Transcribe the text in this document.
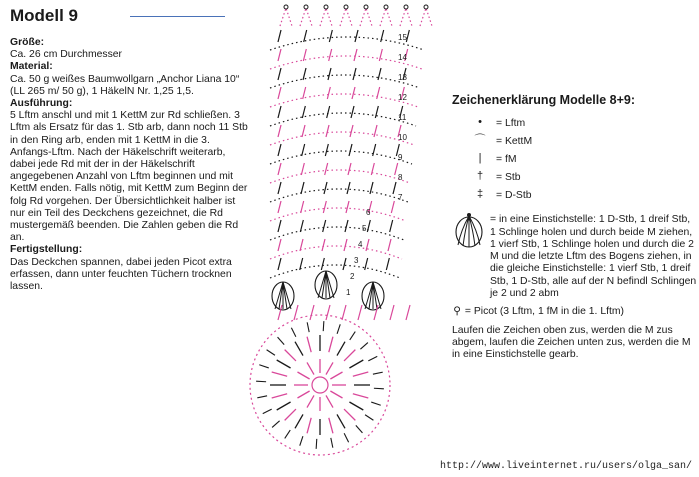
Modell 9
Größe:
Ca. 26 cm Durchmesser
Material:
Ca. 50 g weißes Baumwollgarn „Anchor Liana 10“ (LL 265 m/ 50 g), 1 HäkelN Nr. 1,25 1,5.
Ausführung:
5 Lftm anschl und mit 1 KettM zur Rd schließen. 3 Lftm als Ersatz für das 1. Stb arb, dann noch 11 Stb in den Ring arb, enden mit 1 KettM in die 3. Anfangs-Lftm. Nach der Häkelschrift weiterarb, dabei jede Rd mit der in der Häkelschrift angegebenen Anzahl von Lftm beginnen und mit KettM enden. Falls nötig, mit KettM zum Beginn der folg Rd vorgehen. Der Übersichtlichkeit halber ist nur ein Teil des Deckchens gezeichnet, die Rd mustergemäß beenden. Die Zahlen geben die Rd an.
Fertigstellung:
Das Deckchen spannen, dabei jeden Picot extra erfassen, dann unter feuchten Tüchern trocknen lassen.
15
14
13
12
11
10
9
8
7
6
5
4
3
2
1
Zeichenerklärung Modelle 8+9:
•	= Lftm
⌒	= KettM
|	= fM
†	= Stb
‡	= D-Stb
= in eine Einstichstelle: 1 D-Stb, 1 dreif Stb, 1 Schlinge holen und durch beide M ziehen, 1 vierf Stb, 1 Schlinge holen und durch die 2 M und die letzte Lftm des Bogens ziehen, in die gleiche Einstichstelle: 1 vierf Stb, 1 dreif Stb, 1 D-Stb, alle auf der N befindl Schlingen je 2 und 2 abm
⚲ = Picot (3 Lftm, 1 fM in die 1. Lftm)
Laufen die Zeichen oben zus, werden die M zus abgem, laufen die Zeichen unten zus, werden die M in eine Einstichstelle gearb.
http://www.liveinternet.ru/users/olga_san/
